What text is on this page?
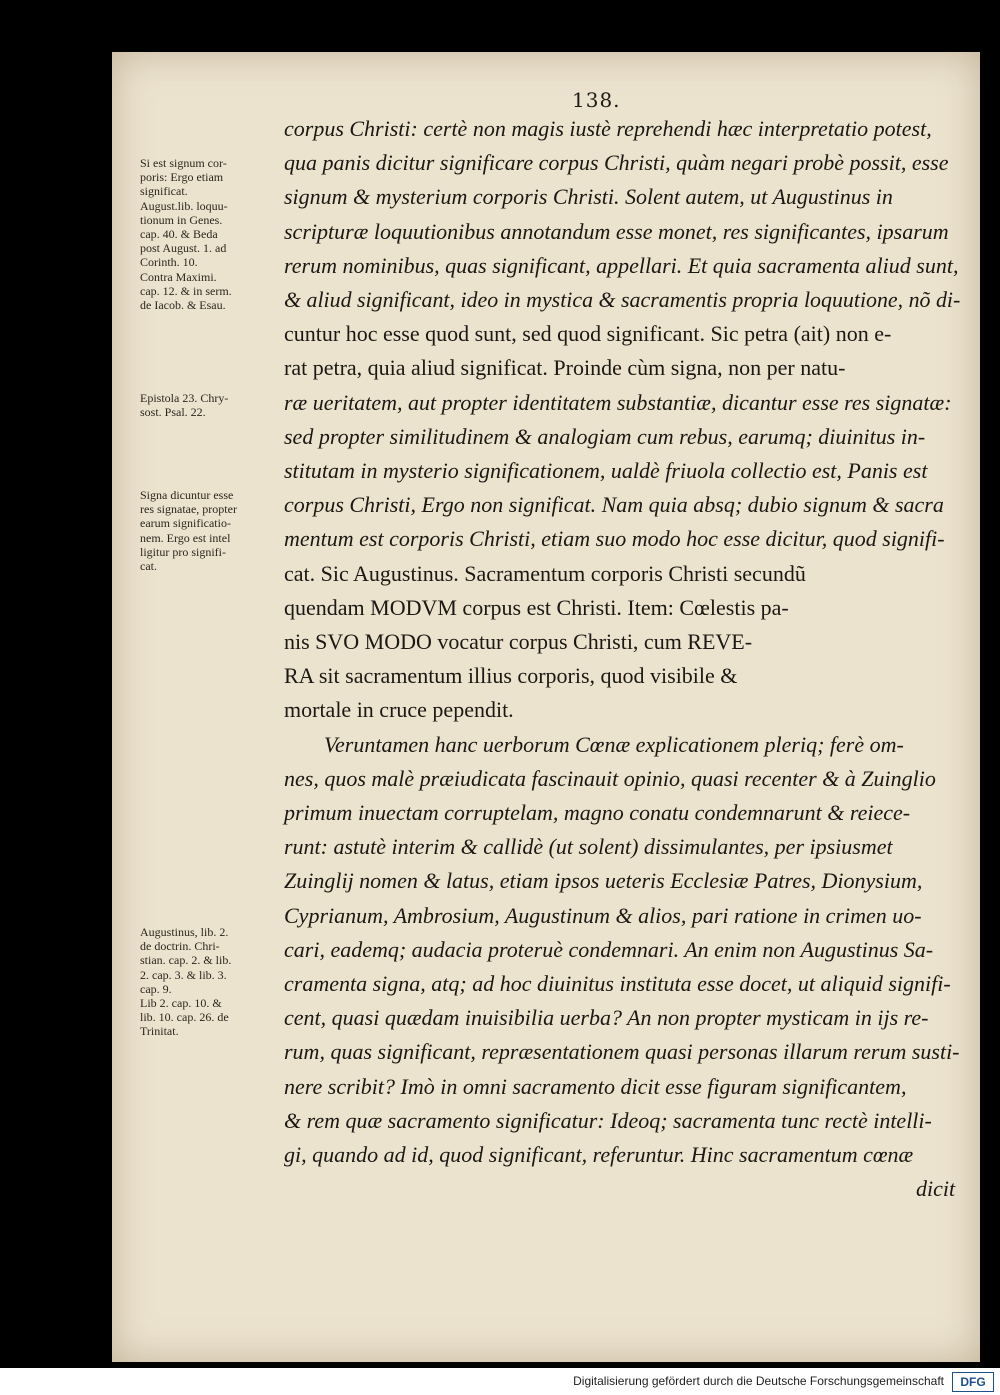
138.
Si est signum cor-
poris: Ergo etiam
significat.
August.lib. loquu-
tionum in Genes.
cap. 40. & Beda
post August. 1. ad
Corinth. 10.
Contra Maximi.
cap. 12. & in serm.
de Iacob. & Esau.
Epistola 23. Chry-
sost. Psal. 22.
Signa dicuntur esse
res signatae, propter
earum significatio-
nem. Ergo est intel
ligitur pro signifi-
cat.
Augustinus, lib. 2.
de doctrin. Chri-
stian. cap. 2. & lib.
2. cap. 3. & lib. 3.
cap. 9.
Lib 2. cap. 10. &
lib. 10. cap. 26. de
Trinitat.
corpus Christi: certè non magis iustè reprehendi hæc interpretatio potest,
qua panis dicitur significare corpus Christi, quàm negari probè possit, esse
signum & mysterium corporis Christi. Solent autem, ut Augustinus in
scripturæ loquutionibus annotandum esse monet, res significantes, ipsarum
rerum nominibus, quas significant, appellari. Et quia sacramenta aliud sunt,
& aliud significant, ideo in mystica & sacramentis propria loquutione, nõ di-
cuntur hoc esse quod sunt, sed quod significant. Sic petra (ait) non e-
rat petra, quia aliud significat. Proinde cùm signa, non per natu-
ræ ueritatem, aut propter identitatem substantiæ, dicantur esse res signatæ:
sed propter similitudinem & analogiam cum rebus, earumq; diuinitus in-
stitutam in mysterio significationem, ualdè friuola collectio est, Panis est
corpus Christi, Ergo non significat. Nam quia absq; dubio signum & sacra
mentum est corporis Christi, etiam suo modo hoc esse dicitur, quod signifi-
cat. Sic Augustinus. Sacramentum corporis Christi secundũ
quendam MODVM corpus est Christi. Item: Cœlestis pa-
nis SVO MODO vocatur corpus Christi, cum REVE-
RA sit sacramentum illius corporis, quod visibile &
mortale in cruce pependit.
Veruntamen hanc uerborum Cœnæ explicationem pleriq; ferè om-
nes, quos malè præiudicata fascinauit opinio, quasi recenter & à Zuinglio
primum inuectam corruptelam, magno conatu condemnarunt & reiece-
runt: astutè interim & callidè (ut solent) dissimulantes, per ipsiusmet
Zuinglij nomen & latus, etiam ipsos ueteris Ecclesiæ Patres, Dionysium,
Cyprianum, Ambrosium, Augustinum & alios, pari ratione in crimen uo-
cari, eademq; audacia proteruè condemnari. An enim non Augustinus Sa-
cramenta signa, atq; ad hoc diuinitus instituta esse docet, ut aliquid signifi-
cent, quasi quædam inuisibilia uerba? An non propter mysticam in ijs re-
rum, quas significant, repræsentationem quasi personas illarum rerum susti-
nere scribit? Imò in omni sacramento dicit esse figuram significantem,
& rem quæ sacramento significatur: Ideoq; sacramenta tunc rectè intelli-
gi, quando ad id, quod significant, referuntur. Hinc sacramentum cœnæ
dicit
Digitalisierung gefördert durch die Deutsche Forschungsgemeinschaft	DFG
